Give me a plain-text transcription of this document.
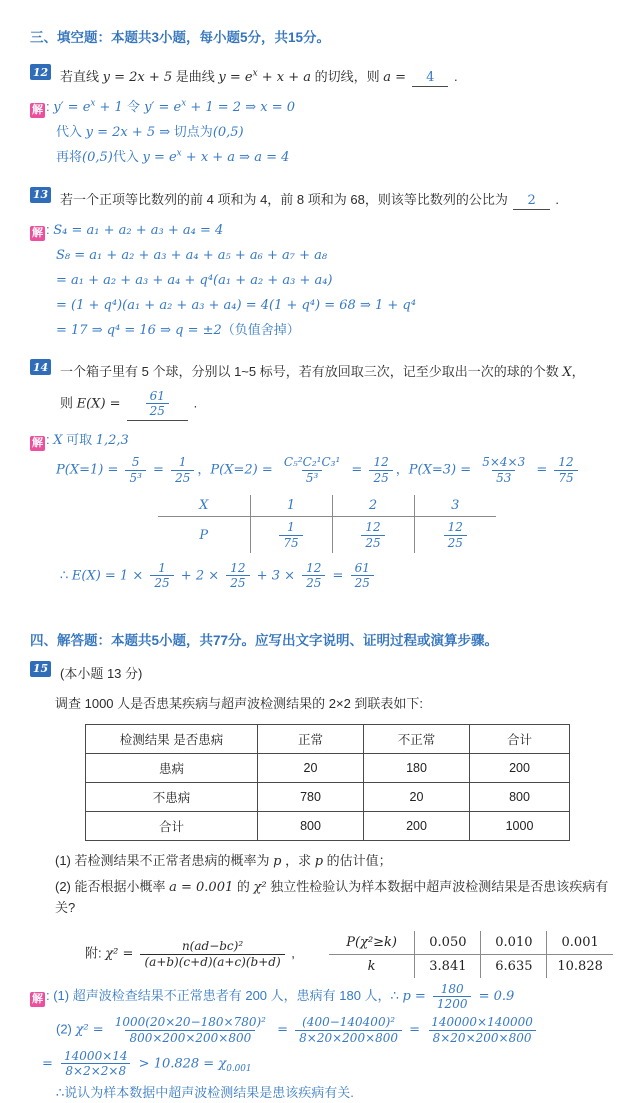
三、填空题：本题共3小题，每小题5分，共15分。
12 若直线 y = 2x + 5 是曲线 $y = e^x + x + a$ 的切线，则 a = 4 .
解 : $y' = e^x + 1$ 令 $y' = e^x + 1 = 2$ ⇒ x = 0
代入 y = 2x + 5 ⇒ 切点为(0,5)
再将(0,5)代入 $y = e^x + x + a$ ⇒ a = 4
13 若一个正项等比数列的前 4 项和为 4，前 8 项和为 68，则该等比数列的公比为 2 .
解 : S₄ = a₁ + a₂ + a₃ + a₄ = 4
S₈ = a₁ + a₂ + a₃ + a₄ + a₅ + a₆ + a₇ + a₈
= a₁ + a₂ + a₃ + a₄ + q⁴(a₁ + a₂ + a₃ + a₄)
= (1 + q⁴)(a₁ + a₂ + a₃ + a₄) = 4(1 + q⁴) = 68 ⇒ 1 + q⁴
= 17 ⇒ q⁴ = 16 ⇒ q = ±2（负值舍掉）
14 一个箱子里有 5 个球，分别以 1~5 标号，若有放回取三次，记至少取出一次的球的个数 X，
则 $E(X) = \frac{61}{25}$ .
解 : X 可取 1,2,3
$P(X=1) = \frac{5}{\text{5³}} = \frac{1}{25}$ ，$P(X=2) = \frac{\text{C₅²C₂¹C₃¹}}{\text{5³}} = \frac{12}{25}$ ，$P(X=3) = \frac{5\times 4\times 3}{53} = \frac{12}{75}$
X	1	2	3
P	$\frac{1}{75}$	$\frac{12}{25}$	$\frac{12}{25}$
∴ $E(X) = 1 \times \frac{1}{25} + 2 \times \frac{12}{25} + 3 \times \frac{12}{25} = \frac{61}{25}$
四、解答题：本题共5小题，共77分。应写出文字说明、证明过程或演算步骤。
15 (本小题 13 分)
调查 1000 人是否患某疾病与超声波检测结果的 2×2 到联表如下:
检测结果 是否患病	正常	不正常	合计
患病	20	180	200
不患病	780	20	800
合计	800	200	1000
(1) 若检测结果不正常者患病的概率为 p ，求 p 的估计值；
(2) 能否根据小概率 a = 0.001 的 χ² 独立性检验认为样本数据中超声波检测结果是否患该疾病有关?
附: $\chi^2 = \frac{\text{n(ad−bc)²}}{(a+b)(c+d)(a+c)(b+d)}$ ,
P(χ²≥k)	0.050	0.010	0.001
k	3.841	6.635	10.828
解 : (1) 超声波检查结果不正常患者有 200 人，患病有 180 人，∴ $p = \frac{180}{1200} = 0.9$
(2) $\chi^2 = \frac{\text{1000(20×20−180×780)²}}{800\times 200\times 200\times 800} = \frac{\text{(400−140400)²}}{8\times 20\times 200\times 800} = \frac{140000\times 140000}{8\times 20\times 200\times 800}$
= $\frac{14000\times 14}{8\times 2\times 2\times 8} > 10.828 = \chi_{0.001}$
∴说认为样本数据中超声波检测结果是患该疾病有关.
